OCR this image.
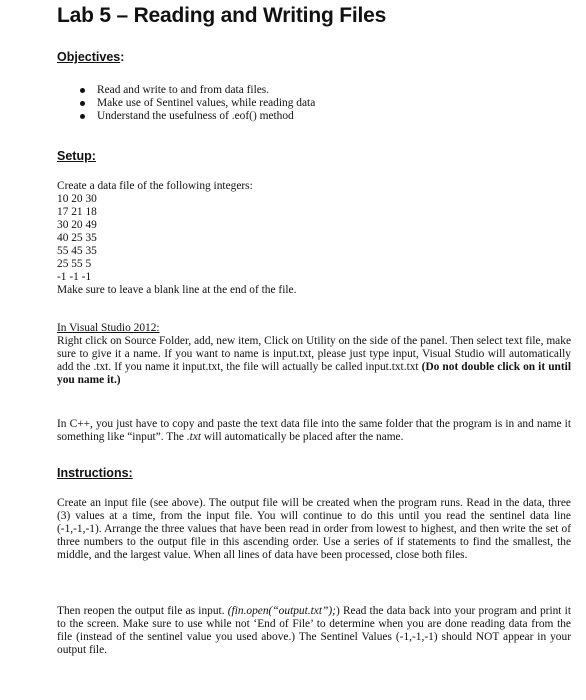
Lab 5 – Reading and Writing Files
Objectives:
Read and write to and from data files.
Make use of Sentinel values, while reading data
Understand the usefulness of .eof() method
Setup:
Create a data file of the following integers:
10 20 30
17 21 18
30 20 49
40 25 35
55 45 35
25 55 5
-1 -1 -1
Make sure to leave a blank line at the end of the file.
In Visual Studio 2012:
Right click on Source Folder, add, new item, Click on Utility on the side of the panel. Then select text file, make sure to give it a name. If you want to name is input.txt, please just type input, Visual Studio will automatically add the .txt. If you name it input.txt, the file will actually be called input.txt.txt (Do not double click on it until you name it.)
In C++, you just have to copy and paste the text data file into the same folder that the program is in and name it something like “input”. The .txt will automatically be placed after the name.
Instructions:
Create an input file (see above). The output file will be created when the program runs. Read in the data, three (3) values at a time, from the input file. You will continue to do this until you read the sentinel data line (-1,-1,-1). Arrange the three values that have been read in order from lowest to highest, and then write the set of three numbers to the output file in this ascending order. Use a series of if statements to find the smallest, the middle, and the largest value. When all lines of data have been processed, close both files.
Then reopen the output file as input. (fin.open(“output.txt”);) Read the data back into your program and print it to the screen. Make sure to use while not ‘End of File’ to determine when you are done reading data from the file (instead of the sentinel value you used above.) The Sentinel Values (-1,-1,-1) should NOT appear in your output file.
